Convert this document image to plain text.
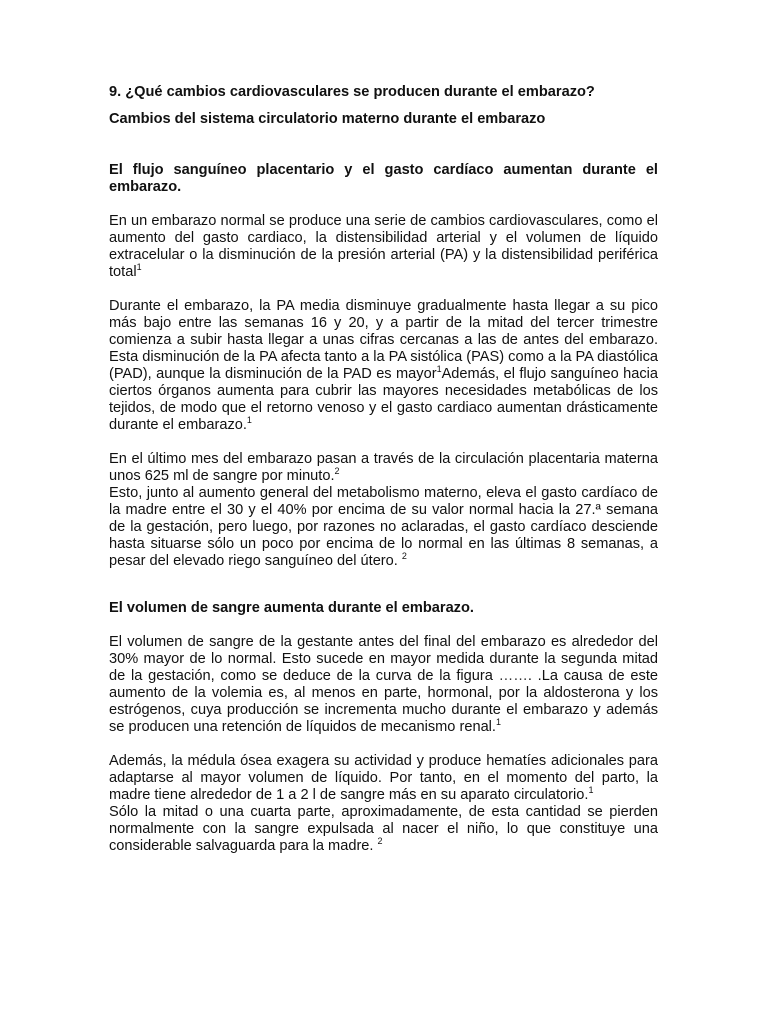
9. ¿Qué cambios cardiovasculares se producen durante el embarazo?

Cambios del sistema circulatorio materno durante el embarazo

El flujo sanguíneo placentario y el gasto cardíaco aumentan durante el embarazo.

En un embarazo normal se produce una serie de cambios cardiovasculares, como el aumento del gasto cardiaco, la distensibilidad arterial y el volumen de líquido extracelular o la disminución de la presión arterial (PA) y la distensibilidad periférica total$^1$

Durante el embarazo, la PA media disminuye gradualmente hasta llegar a su pico más bajo entre las semanas 16 y 20, y a partir de la mitad del tercer trimestre comienza a subir hasta llegar a unas cifras cercanas a las de antes del embarazo. Esta disminución de la PA afecta tanto a la PA sistólica (PAS) como a la PA diastólica (PAD), aunque la disminución de la PAD es mayor$^1$Además, el flujo sanguíneo hacia ciertos órganos aumenta para cubrir las mayores necesidades metabólicas de los tejidos, de modo que el retorno venoso y el gasto cardiaco aumentan drásticamente durante el embarazo.$^1$

En el último mes del embarazo pasan a través de la circulación placentaria materna unos 625 ml de sangre por minuto.$^2$

Esto, junto al aumento general del metabolismo materno, eleva el gasto cardíaco de la madre entre el 30 y el 40% por encima de su valor normal hacia la 27.ª semana de la gestación, pero luego, por razones no aclaradas, el gasto cardíaco desciende hasta situarse sólo un poco por encima de lo normal en las últimas 8 semanas, a pesar del elevado riego sanguíneo del útero. $^2$

El volumen de sangre aumenta durante el embarazo.

El volumen de sangre de la gestante antes del final del embarazo es alrededor del 30% mayor de lo normal. Esto sucede en mayor medida durante la segunda mitad de la gestación, como se deduce de la curva de la figura ……. .La causa de este aumento de la volemia es, al menos en parte, hormonal, por la aldosterona y los estrógenos, cuya producción se incrementa mucho durante el embarazo y además se producen una retención de líquidos de mecanismo renal.$^1$

Además, la médula ósea exagera su actividad y produce hematíes adicionales para adaptarse al mayor volumen de líquido. Por tanto, en el momento del parto, la madre tiene alrededor de 1 a 2 l de sangre más en su aparato circulatorio.$^1$

Sólo la mitad o una cuarta parte, aproximadamente, de esta cantidad se pierden normalmente con la sangre expulsada al nacer el niño, lo que constituye una considerable salvaguarda para la madre. $^2$
